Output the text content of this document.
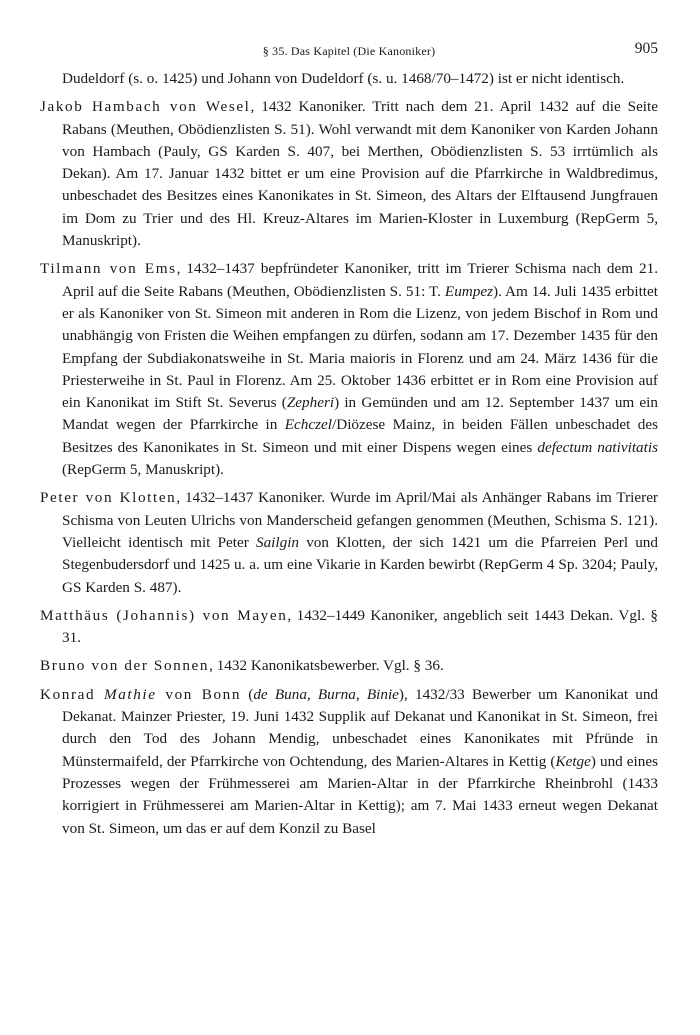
§ 35. Das Kapitel (Die Kanoniker)	905

Dudeldorf (s. o. 1425) und Johann von Dudeldorf (s. u. 1468/70–1472) ist er nicht identisch.

Jakob Hambach von Wesel, 1432 Kanoniker. Tritt nach dem 21. April 1432 auf die Seite Rabans (Meuthen, Obödienzlisten S. 51). Wohl verwandt mit dem Kanoniker von Karden Johann von Hambach (Pauly, GS Karden S. 407, bei Merthen, Obödienzlisten S. 53 irrtümlich als Dekan). Am 17. Januar 1432 bittet er um eine Provision auf die Pfarrkirche in Waldbredimus, unbeschadet des Besitzes eines Kanonikates in St. Simeon, des Altars der Elftausend Jungfrauen im Dom zu Trier und des Hl. Kreuz-Altares im Marien-Kloster in Luxemburg (RepGerm 5, Manuskript).

Tilmann von Ems, 1432–1437 bepfründeter Kanoniker, tritt im Trierer Schisma nach dem 21. April auf die Seite Rabans (Meuthen, Obödienzlisten S. 51: T. Eumpez). Am 14. Juli 1435 erbittet er als Kanoniker von St. Simeon mit anderen in Rom die Lizenz, von jedem Bischof in Rom und unabhängig von Fristen die Weihen empfangen zu dürfen, sodann am 17. Dezember 1435 für den Empfang der Subdiakonatsweihe in St. Maria maioris in Florenz und am 24. März 1436 für die Priesterweihe in St. Paul in Florenz. Am 25. Oktober 1436 erbittet er in Rom eine Provision auf ein Kanonikat im Stift St. Severus (Zepheri) in Gemünden und am 12. September 1437 um ein Mandat wegen der Pfarrkirche in Echczel/Diözese Mainz, in beiden Fällen unbeschadet des Besitzes des Kanonikates in St. Simeon und mit einer Dispens wegen eines defectum nativitatis (RepGerm 5, Manuskript).

Peter von Klotten, 1432–1437 Kanoniker. Wurde im April/Mai als Anhänger Rabans im Trierer Schisma von Leuten Ulrichs von Manderscheid gefangen genommen (Meuthen, Schisma S. 121). Vielleicht identisch mit Peter Sailgin von Klotten, der sich 1421 um die Pfarreien Perl und Stegenbudersdorf und 1425 u. a. um eine Vikarie in Karden bewirbt (RepGerm 4 Sp. 3204; Pauly, GS Karden S. 487).

Matthäus (Johannis) von Mayen, 1432–1449 Kanoniker, angeblich seit 1443 Dekan. Vgl. § 31.

Bruno von der Sonnen, 1432 Kanonikatsbewerber. Vgl. § 36.

Konrad Mathie von Bonn (de Buna, Burna, Binie), 1432/33 Bewerber um Kanonikat und Dekanat. Mainzer Priester, 19. Juni 1432 Supplik auf Dekanat und Kanonikat in St. Simeon, frei durch den Tod des Johann Mendig, unbeschadet eines Kanonikates mit Pfründe in Münstermaifeld, der Pfarrkirche von Ochtendung, des Marien-Altares in Kettig (Ketge) und eines Prozesses wegen der Frühmesserei am Marien-Altar in der Pfarrkirche Rheinbrohl (1433 korrigiert in Frühmesserei am Marien-Altar in Kettig); am 7. Mai 1433 erneut wegen Dekanat von St. Simeon, um das er auf dem Konzil zu Basel
